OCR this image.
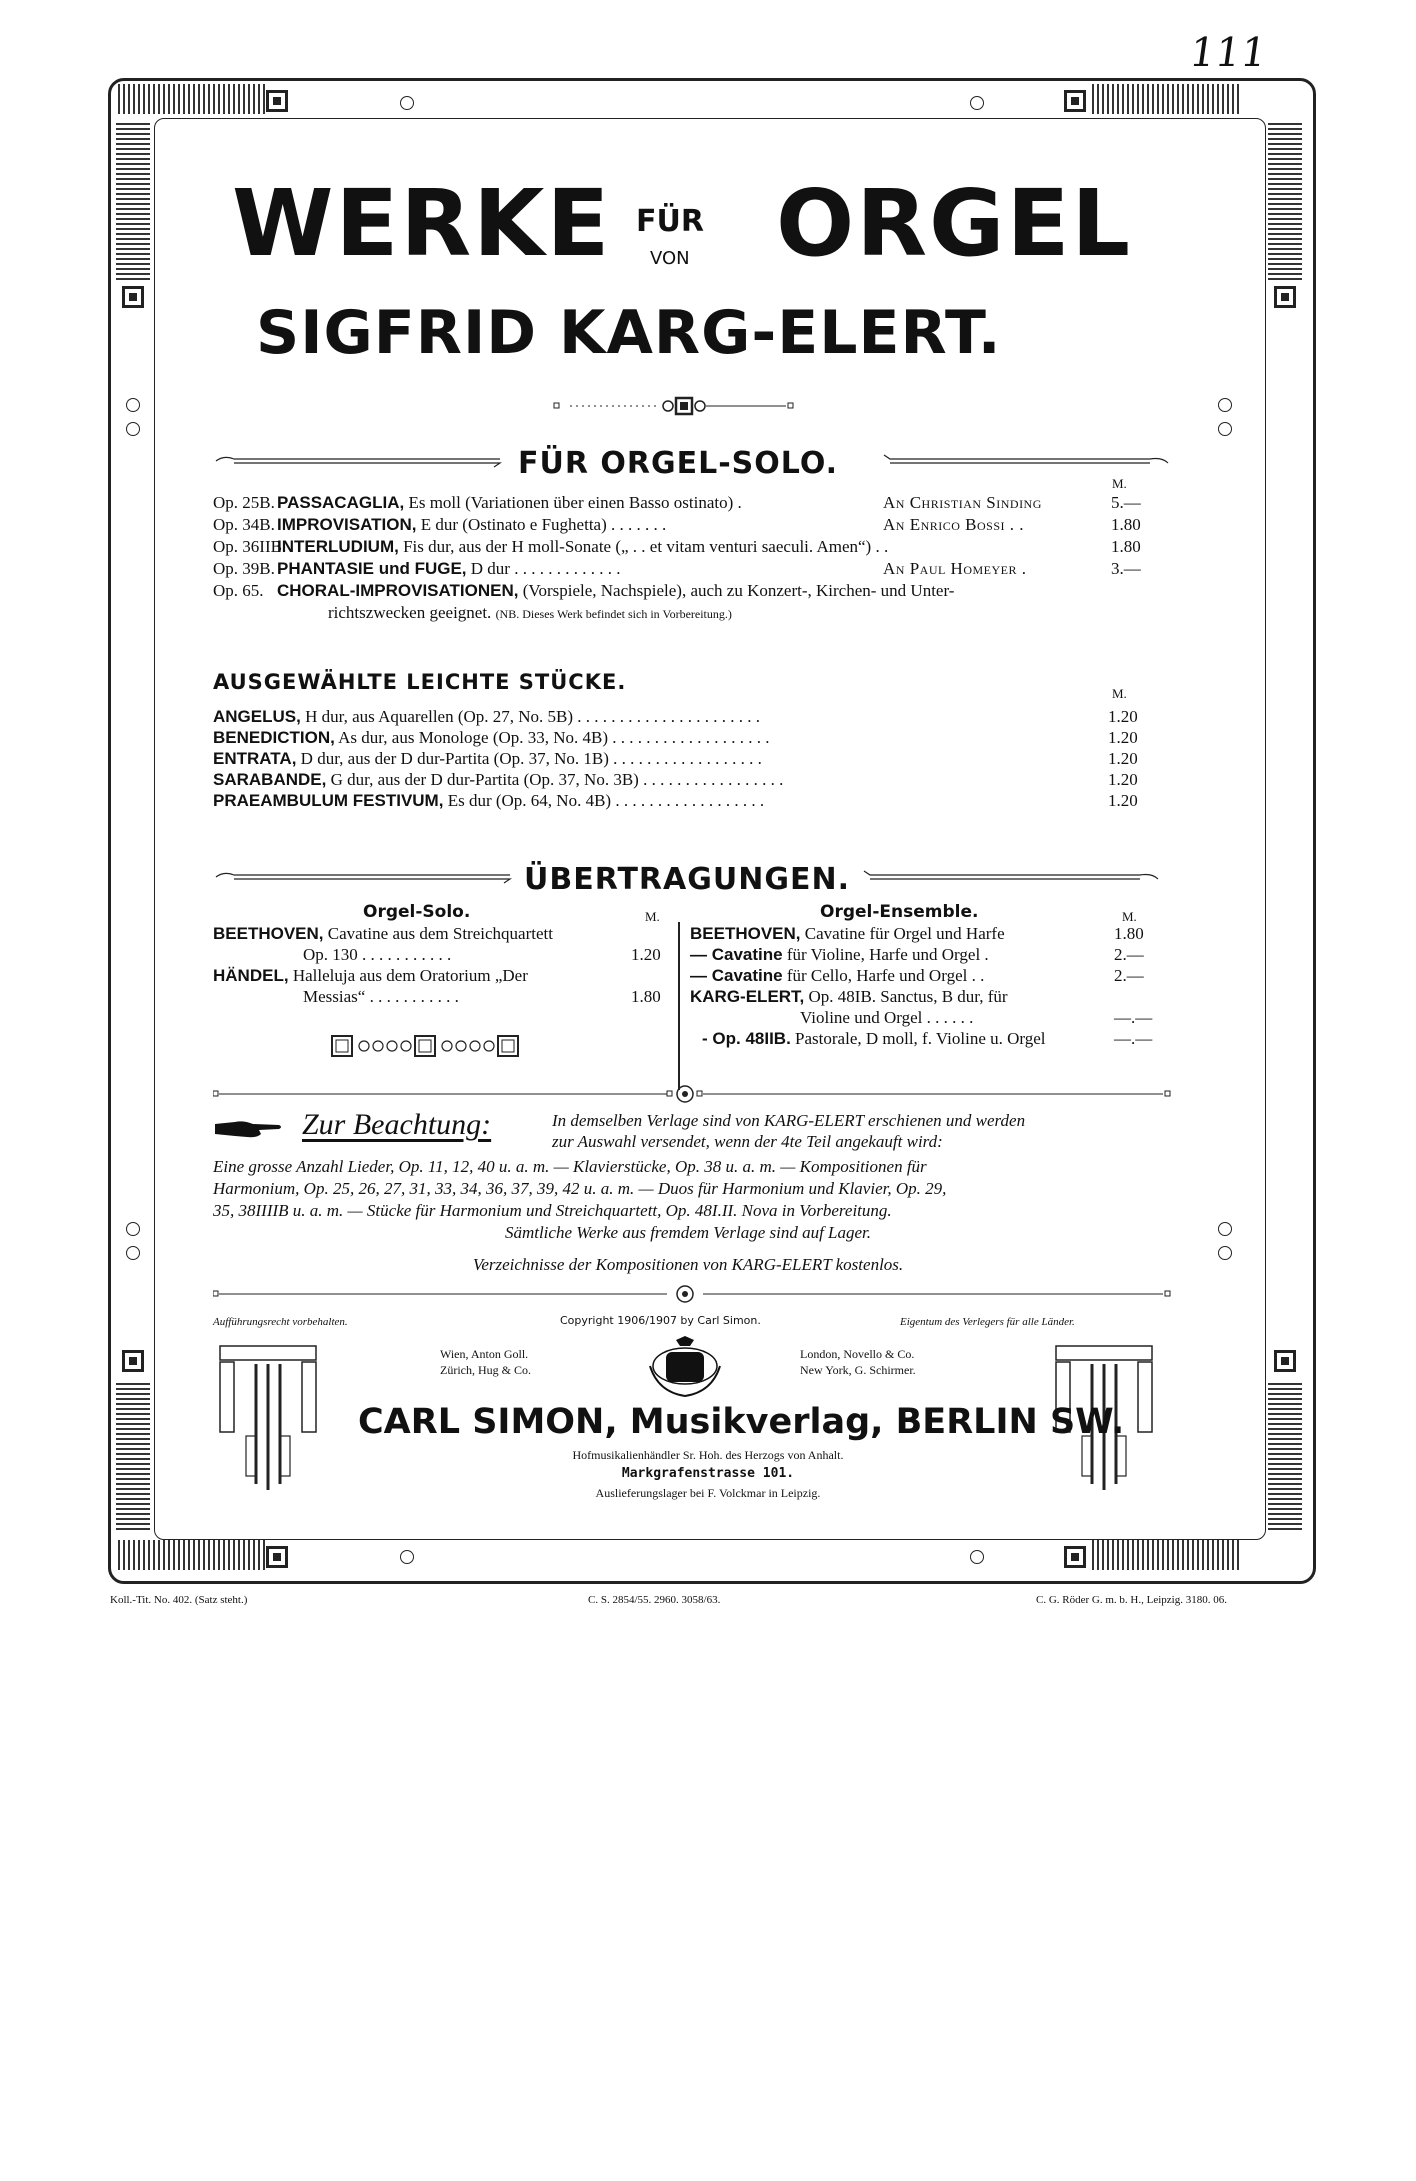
111
WERKE FÜR
VON ORGEL
SIGFRID KARG-ELERT.
FÜR ORGEL-SOLO.
M.
Op. 25B. PASSACAGLIA, Es moll (Variationen über einen Basso ostinato) .	An Christian Sinding	5.—
Op. 34B. IMPROVISATION, E dur (Ostinato e Fughetta) . . . . . . .	An Enrico Bossi . .	1.80
Op. 36IIB.INTERLUDIUM, Fis dur, aus der H moll-Sonate („ . . et vitam venturi saeculi. Amen“) . .	1.80
Op. 39B. PHANTASIE und FUGE, D dur . . . . . . . . . . . . .	An Paul Homeyer .	3.—
Op. 65. CHORAL-IMPROVISATIONEN, (Vorspiele, Nachspiele), auch zu Konzert-, Kirchen- und Unter-
richtszwecken geeignet. (NB. Dieses Werk befindet sich in Vorbereitung.)
AUSGEWÄHLTE LEICHTE STÜCKE.	M.
ANGELUS, H dur, aus Aquarellen (Op. 27, No. 5B) . . . . . . . . . . . . . . . . . . . . . .	1.20
BENEDICTION, As dur, aus Monologe (Op. 33, No. 4B) . . . . . . . . . . . . . . . . . . .	1.20
ENTRATA, D dur, aus der D dur-Partita (Op. 37, No. 1B) . . . . . . . . . . . . . . . . . .	1.20
SARABANDE, G dur, aus der D dur-Partita (Op. 37, No. 3B) . . . . . . . . . . . . . . . . .	1.20
PRAEAMBULUM FESTIVUM, Es dur (Op. 64, No. 4B) . . . . . . . . . . . . . . . . . .	1.20
ÜBERTRAGUNGEN.
Orgel-Solo.	M.
BEETHOVEN, Cavatine aus dem Streichquartett
Op. 130 . . . . . . . . . . .	1.20
HÄNDEL, Halleluja aus dem Oratorium „Der
Messias“ . . . . . . . . . . .	1.80
Orgel-Ensemble.	M.
BEETHOVEN, Cavatine für Orgel und Harfe	1.80
— Cavatine für Violine, Harfe und Orgel .	2.—
— Cavatine für Cello, Harfe und Orgel . .	2.—
KARG-ELERT, Op. 48IB. Sanctus, B dur, für
Violine und Orgel . . . . . .	—.—
- Op. 48IIB. Pastorale, D moll, f. Violine u. Orgel	—.—
Zur Beachtung:	In demselben Verlage sind von KARG-ELERT erschienen und werden
zur Auswahl versendet, wenn der 4te Teil angekauft wird:
Eine grosse Anzahl Lieder, Op. 11, 12, 40 u. a. m. — Klavierstücke, Op. 38 u. a. m. — Kompositionen für
Harmonium, Op. 25, 26, 27, 31, 33, 34, 36, 37, 39, 42 u. a. m. — Duos für Harmonium und Klavier, Op. 29,
35, 38IIIIB u. a. m. — Stücke für Harmonium und Streichquartett, Op. 48I.II. Nova in Vorbereitung.
Sämtliche Werke aus fremdem Verlage sind auf Lager.
Verzeichnisse der Kompositionen von KARG-ELERT kostenlos.
Aufführungsrecht vorbehalten.	Copyright 1906/1907 by Carl Simon.	Eigentum des Verlegers für alle Länder.
Wien, Anton Goll.
Zürich, Hug & Co.
London, Novello & Co.
New York, G. Schirmer.
CARL SIMON, Musikverlag, BERLIN SW.
Hofmusikalienhändler Sr. Hoh. des Herzogs von Anhalt.
Markgrafenstrasse 101.
Auslieferungslager bei F. Volckmar in Leipzig.
Koll.-Tit. No. 402. (Satz steht.)	C. S. 2854/55. 2960. 3058/63.	C. G. Röder G. m. b. H., Leipzig. 3180. 06.
